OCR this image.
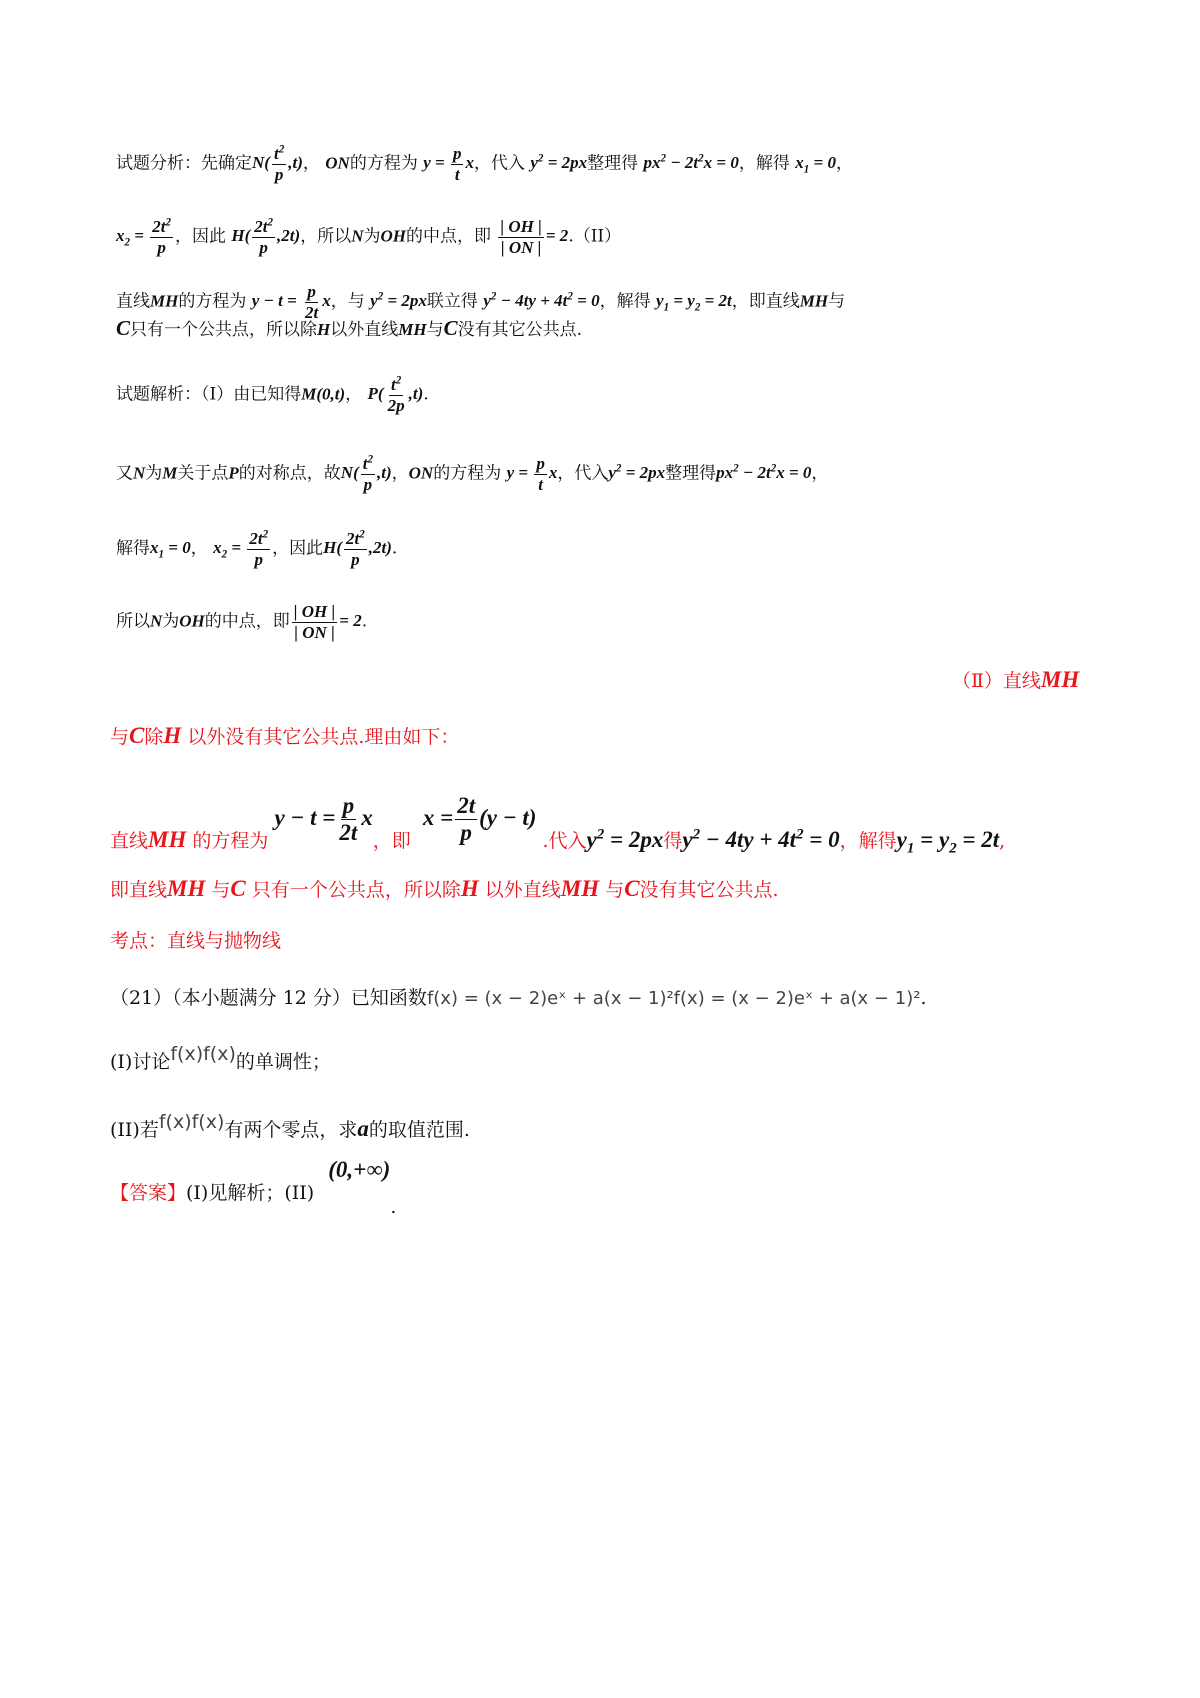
试题分析：先确定$N( \frac{t^2}{p} ,t)$， ON的方程为 $y = \frac{p}{t}$ x，代入 $y^2 = 2px$整理得 $px^2 - 2t^2x = 0$，解得 $x_1 = 0$，
$x_2 = \frac{2t^2}{p}$ ，因此 $H( \frac{2t^2}{p} ,2t)$，所以N为OH的中点，即 $\frac{| OH |}{| ON |} = 2.(II)$
直线MH的方程为 $y - t = \frac{p}{2t}$ x，与 $y^2 = 2px$联立得 $y^2 - 4ty + 4t^2 = 0$，解得 $y_1 = y_2 = 2t$，即直线MH与
C只有一个公共点，所以除H以外直线MH与C没有其它公共点.
试题解析：（Ⅰ）由已知得M(0,t)， $P( \frac{t^2}{2p} ,t)$.
又N为M关于点P的对称点，故$N( \frac{t^2}{p} ,t)$，ON的方程为 $y = \frac{p}{t}$ x，代入$y^2 = 2px$整理得$px^2 - 2t^2x = 0$，
解得$x_1 = 0$， $x_2 = \frac{2t^2}{p}$ ，因此$H( \frac{2t^2}{p} ,2t)$.
所以N为OH的中点，即 $\frac{| OH |}{| ON |} = 2$.
（Ⅱ）直线MH
与C除H 以外没有其它公共点.理由如下：
直线MH 的方程为 $y - t = \frac{p}{2t}$ x，即 $x = \frac{2t}{p} (y - t)$ .代入$y^2 = 2px$得$y^2 - 4ty + 4t^2 = 0$，解得$y_1 = y_2 = 2t$,
即直线MH 与C 只有一个公共点，所以除H 以外直线MH 与C没有其它公共点.
考点：直线与抛物线
（21）（本小题满分 12 分）已知函数f(x) = (x − 2)eˣ + a(x − 1)²f(x) = (x − 2)eˣ + a(x − 1)².
(I)讨论f(x)f(x)的单调性；
(II)若f(x)f(x)有两个零点，求a的取值范围.
【答案】(I)见解析；(II) (0,+∞).
